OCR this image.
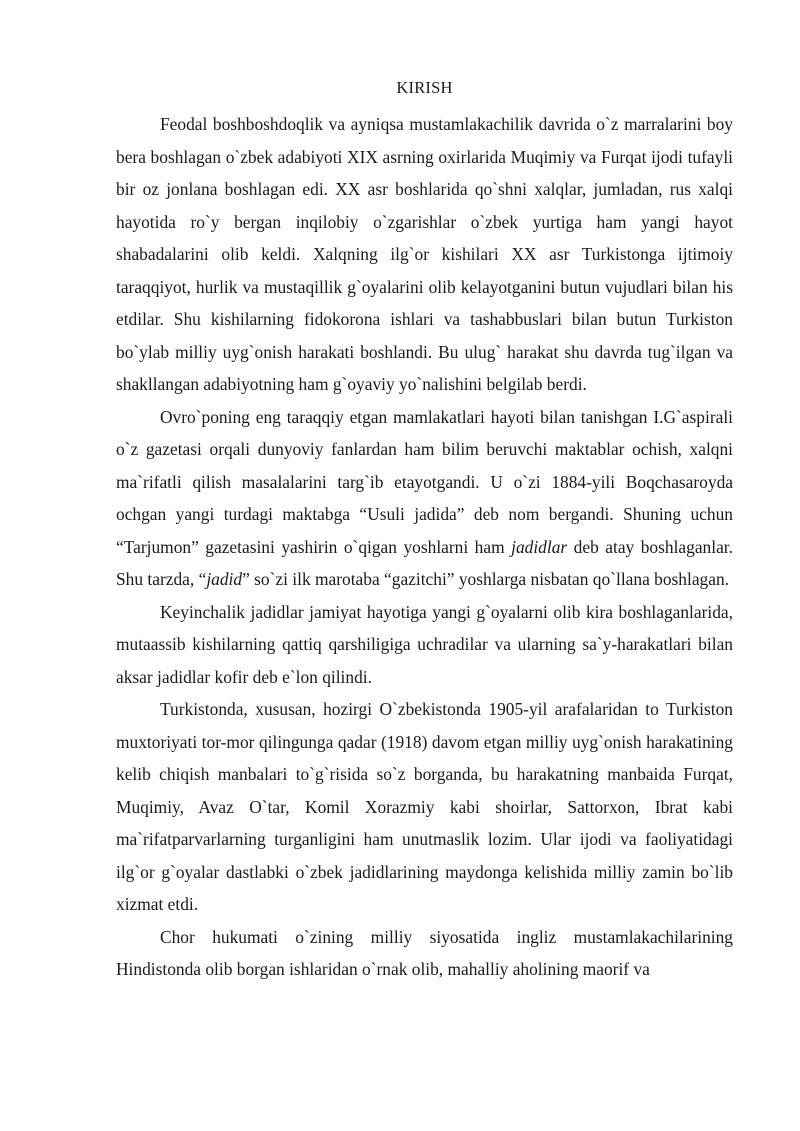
KIRISH

Feodal boshboshdoqlik va ayniqsa mustamlakachilik davrida o`z marralarini boy bera boshlagan o`zbek adabiyoti XIX asrning oxirlarida Muqimiy va Furqat ijodi tufayli bir oz jonlana boshlagan edi. XX asr boshlarida qo`shni xalqlar, jumladan, rus xalqi hayotida ro`y bergan inqilobiy o`zgarishlar o`zbek yurtiga ham yangi hayot shabadalarini olib keldi. Xalqning ilg`or kishilari XX asr Turkistonga ijtimoiy taraqqiyot, hurlik va mustaqillik g`oyalarini olib kelayotganini butun vujudlari bilan his etdilar. Shu kishilarning fidokorona ishlari va tashabbuslari bilan butun Turkiston bo`ylab milliy uyg`onish harakati boshlandi. Bu ulug` harakat shu davrda tug`ilgan va shakllangan adabiyotning ham g`oyaviy yo`nalishini belgilab berdi.

Ovro`poning eng taraqqiy etgan mamlakatlari hayoti bilan tanishgan I.G`aspirali o`z gazetasi orqali dunyoviy fanlardan ham bilim beruvchi maktablar ochish, xalqni ma`rifatli qilish masalalarini targ`ib etayotgandi. U o`zi 1884-yili Boqchasaroyda ochgan yangi turdagi maktabga “Usuli jadida” deb nom bergandi. Shuning uchun “Tarjumon” gazetasini yashirin o`qigan yoshlarni ham jadidlar deb atay boshlaganlar. Shu tarzda, “jadid” so`zi ilk marotaba “gazitchi” yoshlarga nisbatan qo`llana boshlagan.

Keyinchalik jadidlar jamiyat hayotiga yangi g`oyalarni olib kira boshlaganlarida, mutaassib kishilarning qattiq qarshiligiga uchradilar va ularning sa`y-harakatlari bilan aksar jadidlar kofir deb e`lon qilindi.

Turkistonda, xususan, hozirgi O`zbekistonda 1905-yil arafalaridan to Turkiston muxtoriyati tor-mor qilingunga qadar (1918) davom etgan milliy uyg`onish harakatining kelib chiqish manbalari to`g`risida so`z borganda, bu harakatning manbaida Furqat, Muqimiy, Avaz O`tar, Komil Xorazmiy kabi shoirlar, Sattorxon, Ibrat kabi ma`rifatparvarlarning turganligini ham unutmaslik lozim. Ular ijodi va faoliyatidagi ilg`or g`oyalar dastlabki o`zbek jadidlarining maydonga kelishida milliy zamin bo`lib xizmat etdi.

Chor hukumati o`zining milliy siyosatida ingliz mustamlakachilarining Hindistonda olib borgan ishlaridan o`rnak olib, mahalliy aholining maorif va
